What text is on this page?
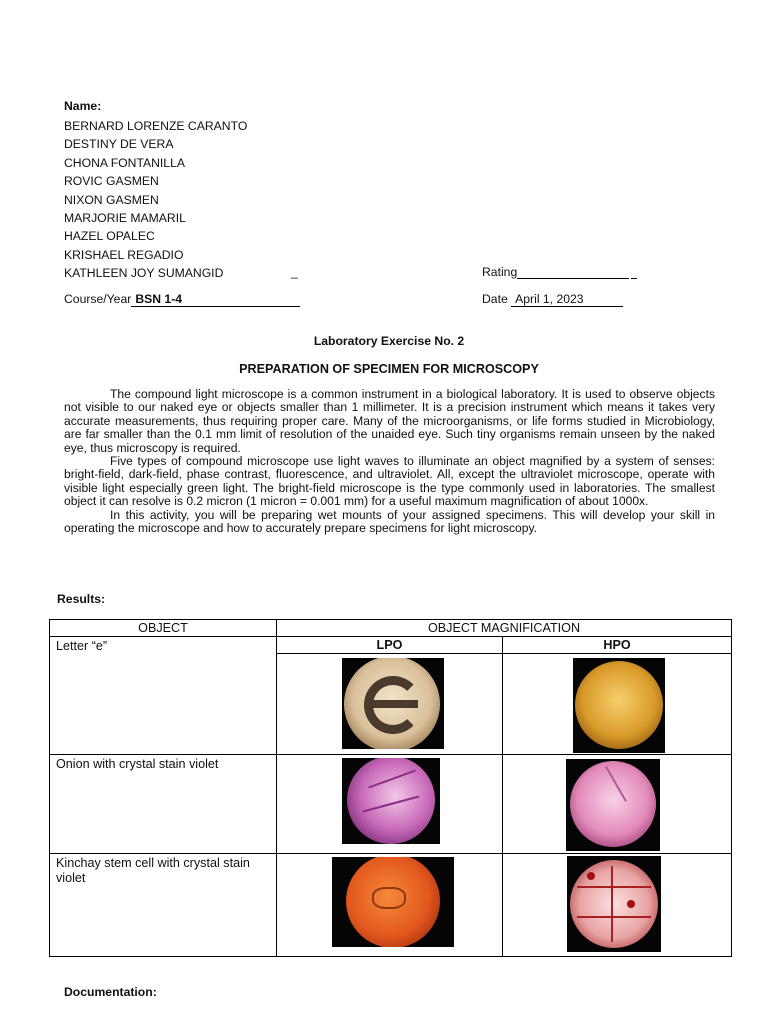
Name:
BERNARD LORENZE CARANTO
DESTINY DE VERA
CHONA FONTANILLA
ROVIC GASMEN
NIXON GASMEN
MARJORIE MAMARIL
HAZEL OPALEC
KRISHAEL REGADIO
KATHLEEN JOY SUMANGID	_	Rating
Course/Year BSN 1-4	Date April 1, 2023
Laboratory Exercise No. 2
PREPARATION OF SPECIMEN FOR MICROSCOPY

The compound light microscope is a common instrument in a biological laboratory. It is used to observe objects not visible to our naked eye or objects smaller than 1 millimeter. It is a precision instrument which means it takes very accurate measurements, thus requiring proper care. Many of the microorganisms, or life forms studied in Microbiology, are far smaller than the 0.1 mm limit of resolution of the unaided eye. Such tiny organisms remain unseen by the naked eye, thus microscopy is required.

Five types of compound microscope use light waves to illuminate an object magnified by a system of senses: bright-field, dark-field, phase contrast, fluorescence, and ultraviolet. All, except the ultraviolet microscope, operate with visible light especially green light. The bright-field microscope is the type commonly used in laboratories. The smallest object it can resolve is 0.2 micron (1 micron = 0.001 mm) for a useful maximum magnification of about 1000x.

In this activity, you will be preparing wet mounts of your assigned specimens. This will develop your skill in operating the microscope and how to accurately prepare specimens for light microscopy.

Results:
OBJECT	OBJECT MAGNIFICATION	
Letter “e”	LPO	HPO

Onion with crystal stain violet	

Kinchay stem cell with crystal stain violet	

Documentation:
